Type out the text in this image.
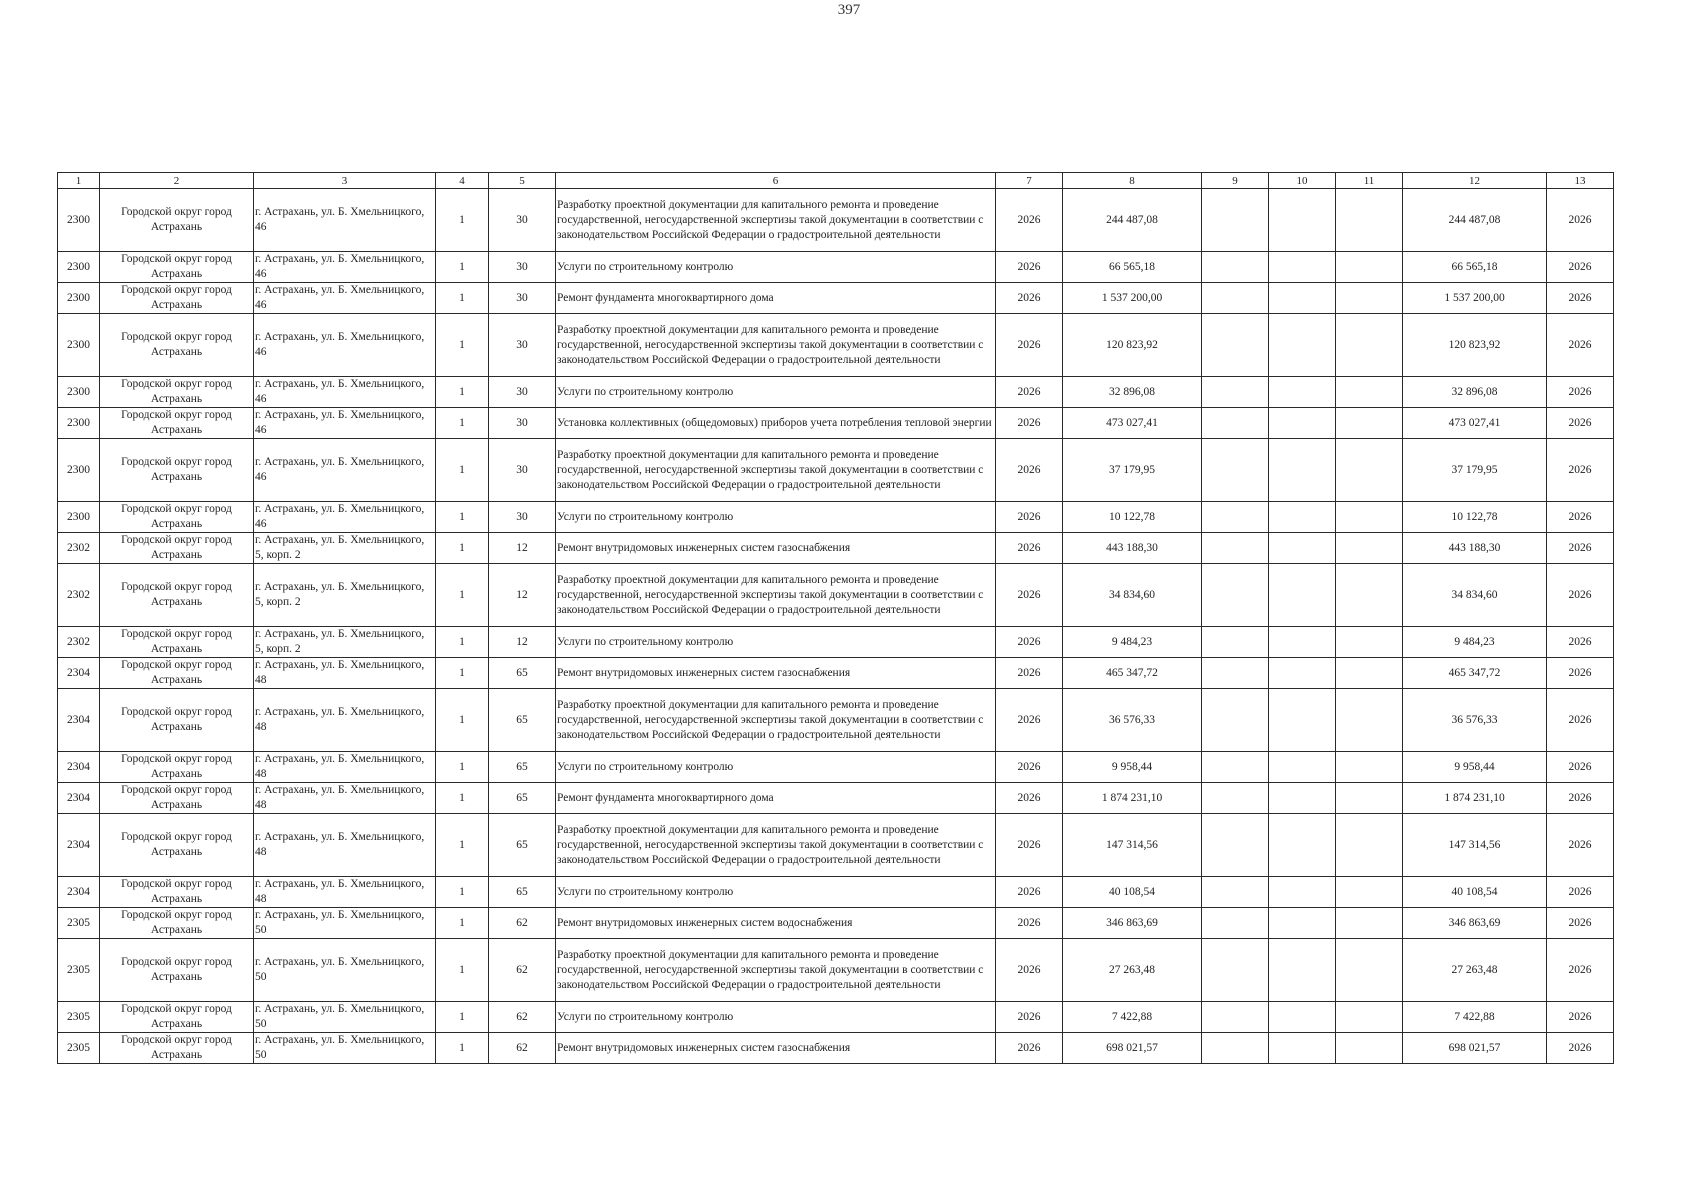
397
1	2	3	4	5	6	7	8	9	10	11	12	13
2300	Городской округ город Астрахань	г. Астрахань, ул. Б. Хмельницкого, 46	1	30	Разработку проектной документации для капитального ремонта и проведение государственной, негосударственной экспертизы такой документации в соответствии с законодательством Российской Федерации о градостроительной деятельности	2026	244 487,08				244 487,08	2026
2300	Городской округ город Астрахань	г. Астрахань, ул. Б. Хмельницкого, 46	1	30	Услуги по строительному контролю	2026	66 565,18				66 565,18	2026
2300	Городской округ город Астрахань	г. Астрахань, ул. Б. Хмельницкого, 46	1	30	Ремонт фундамента многоквартирного дома	2026	1 537 200,00				1 537 200,00	2026
2300	Городской округ город Астрахань	г. Астрахань, ул. Б. Хмельницкого, 46	1	30	Разработку проектной документации для капитального ремонта и проведение государственной, негосударственной экспертизы такой документации в соответствии с законодательством Российской Федерации о градостроительной деятельности	2026	120 823,92				120 823,92	2026
2300	Городской округ город Астрахань	г. Астрахань, ул. Б. Хмельницкого, 46	1	30	Услуги по строительному контролю	2026	32 896,08				32 896,08	2026
2300	Городской округ город Астрахань	г. Астрахань, ул. Б. Хмельницкого, 46	1	30	Установка коллективных (общедомовых) приборов учета потребления тепловой энергии	2026	473 027,41				473 027,41	2026
2300	Городской округ город Астрахань	г. Астрахань, ул. Б. Хмельницкого, 46	1	30	Разработку проектной документации для капитального ремонта и проведение государственной, негосударственной экспертизы такой документации в соответствии с законодательством Российской Федерации о градостроительной деятельности	2026	37 179,95				37 179,95	2026
2300	Городской округ город Астрахань	г. Астрахань, ул. Б. Хмельницкого, 46	1	30	Услуги по строительному контролю	2026	10 122,78				10 122,78	2026
2302	Городской округ город Астрахань	г. Астрахань, ул. Б. Хмельницкого, 5, корп. 2	1	12	Ремонт внутридомовых инженерных систем газоснабжения	2026	443 188,30				443 188,30	2026
2302	Городской округ город Астрахань	г. Астрахань, ул. Б. Хмельницкого, 5, корп. 2	1	12	Разработку проектной документации для капитального ремонта и проведение государственной, негосударственной экспертизы такой документации в соответствии с законодательством Российской Федерации о градостроительной деятельности	2026	34 834,60				34 834,60	2026
2302	Городской округ город Астрахань	г. Астрахань, ул. Б. Хмельницкого, 5, корп. 2	1	12	Услуги по строительному контролю	2026	9 484,23				9 484,23	2026
2304	Городской округ город Астрахань	г. Астрахань, ул. Б. Хмельницкого, 48	1	65	Ремонт внутридомовых инженерных систем газоснабжения	2026	465 347,72				465 347,72	2026
2304	Городской округ город Астрахань	г. Астрахань, ул. Б. Хмельницкого, 48	1	65	Разработку проектной документации для капитального ремонта и проведение государственной, негосударственной экспертизы такой документации в соответствии с законодательством Российской Федерации о градостроительной деятельности	2026	36 576,33				36 576,33	2026
2304	Городской округ город Астрахань	г. Астрахань, ул. Б. Хмельницкого, 48	1	65	Услуги по строительному контролю	2026	9 958,44				9 958,44	2026
2304	Городской округ город Астрахань	г. Астрахань, ул. Б. Хмельницкого, 48	1	65	Ремонт фундамента многоквартирного дома	2026	1 874 231,10				1 874 231,10	2026
2304	Городской округ город Астрахань	г. Астрахань, ул. Б. Хмельницкого, 48	1	65	Разработку проектной документации для капитального ремонта и проведение государственной, негосударственной экспертизы такой документации в соответствии с законодательством Российской Федерации о градостроительной деятельности	2026	147 314,56				147 314,56	2026
2304	Городской округ город Астрахань	г. Астрахань, ул. Б. Хмельницкого, 48	1	65	Услуги по строительному контролю	2026	40 108,54				40 108,54	2026
2305	Городской округ город Астрахань	г. Астрахань, ул. Б. Хмельницкого, 50	1	62	Ремонт внутридомовых инженерных систем водоснабжения	2026	346 863,69				346 863,69	2026
2305	Городской округ город Астрахань	г. Астрахань, ул. Б. Хмельницкого, 50	1	62	Разработку проектной документации для капитального ремонта и проведение государственной, негосударственной экспертизы такой документации в соответствии с законодательством Российской Федерации о градостроительной деятельности	2026	27 263,48				27 263,48	2026
2305	Городской округ город Астрахань	г. Астрахань, ул. Б. Хмельницкого, 50	1	62	Услуги по строительному контролю	2026	7 422,88				7 422,88	2026
2305	Городской округ город Астрахань	г. Астрахань, ул. Б. Хмельницкого, 50	1	62	Ремонт внутридомовых инженерных систем газоснабжения	2026	698 021,57				698 021,57	2026
